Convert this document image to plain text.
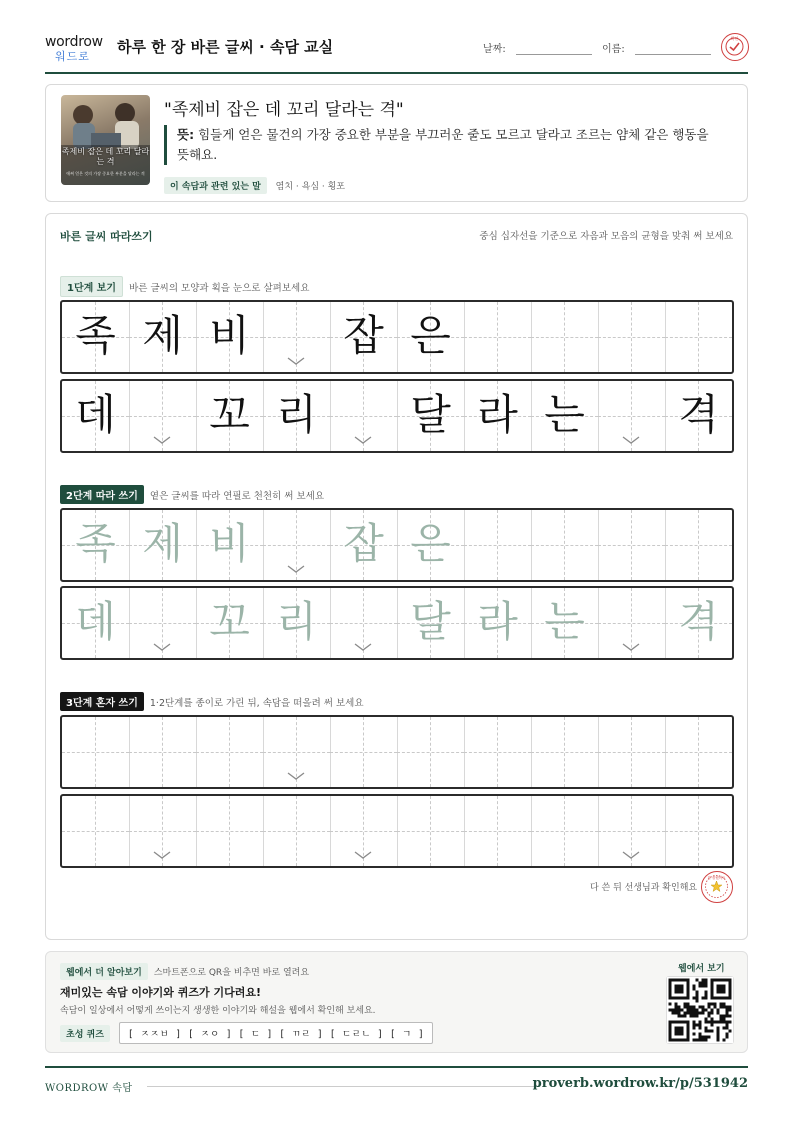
wordrow
워드로
하루 한 장 바른 글씨 · 속담 교실	날짜:	이름:
확인
족제비 잡은 데 꼬리 달라는 격
애써 얻은 것의 가장 중요한 부분을 달라는 격
"족제비 잡은 데 꼬리 달라는 격"
뜻: 힘들게 얻은 물건의 가장 중요한 부분을 부끄러운 줄도 모르고 달라고 조르는 얌체 같은 행동을 뜻해요.
이 속담과 관련 있는 말 염치 · 욕심 · 횡포
바른 글씨 따라쓰기	중심 십자선을 기준으로 자음과 모음의 균형을 맞춰 써 보세요
1단계 보기 바른 글씨의 모양과 획을 눈으로 살펴보세요
족 제 비	잡 은
데	꼬 리	달 라 는	격
2단계 따라 쓰기 옅은 글씨를 따라 연필로 천천히 써 보세요
족 제 비	잡 은
데	꼬 리	달 라 는	격
3단계 혼자 쓰기 1·2단계를 종이로 가린 뒤, 속담을 떠올려 써 보세요
다 쓴 뒤 선생님과 확인해요
참 잘했어요
웹에서 더 알아보기 스마트폰으로 QR을 비추면 바로 열려요
재미있는 속담 이야기와 퀴즈가 기다려요!
속담이 일상에서 어떻게 쓰이는지 생생한 이야기와 해설을 웹에서 확인해 보세요.
초성 퀴즈	[ ㅈㅈㅂ ] [ ㅈㅇ ] [ ㄷ ] [ ㄲㄹ ] [ ㄷㄹㄴ ] [ ㄱ ]
웹에서 보기
WORDROW 속담	proverb.wordrow.kr/p/531942
